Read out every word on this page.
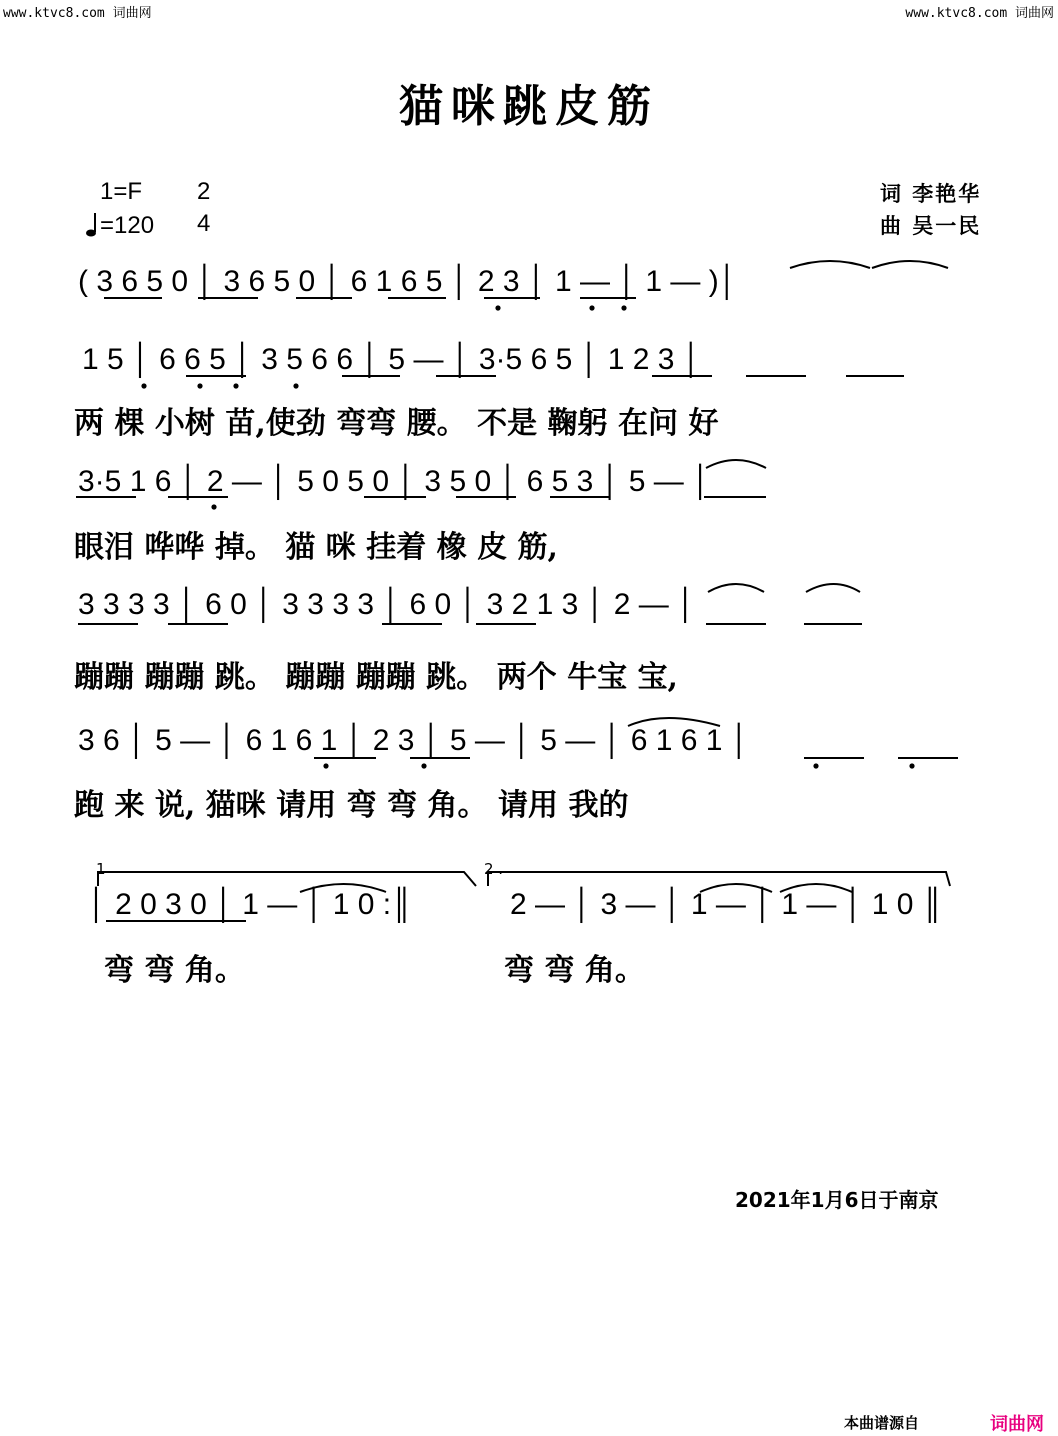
www.ktvc8.com 词曲网	www.ktvc8.com 词曲网
猫咪跳皮筋
1=F 2
4
=120
词 李艳华
曲 吴一民
( 3 6 5 0 │ 3 6 5 0 │ 6 1 6 5 │ 2 3 │ 1 — │ 1 — )│
1 5 │ 6 6 5 │ 3 5 6 6 │ 5 — │ 3·5 6 5 │ 1 2 3 │
两 棵 小树 苗,使劲 弯弯 腰。 不是 鞠躬 在问 好
3·5 1 6 │ 2 — │ 5 0 5 0 │ 3 5 0 │ 6 5 3 │ 5 — │
眼泪 哗哗 掉。 猫 咪 挂着 橡 皮 筋,
3 3 3 3 │ 6 0 │ 3 3 3 3 │ 6 0 │ 3 2 1 3 │ 2 — │
蹦蹦 蹦蹦 跳。 蹦蹦 蹦蹦 跳。 两个 牛宝 宝,
3 6 │ 5 — │ 6 1 6 1 │ 2 3 │ 5 — │ 5 — │ 6 1 6 1 │
跑 来 说, 猫咪 请用 弯 弯 角。 请用 我的
1	2 .
│ 2 0 3 0 │ 1 — │ 1 0 :║	2 — │ 3 — │ 1 — │ 1 — │ 1 0 ║
弯 弯 角。	弯 弯 角。
2021年1月6日于南京
本曲谱源自	词曲网
